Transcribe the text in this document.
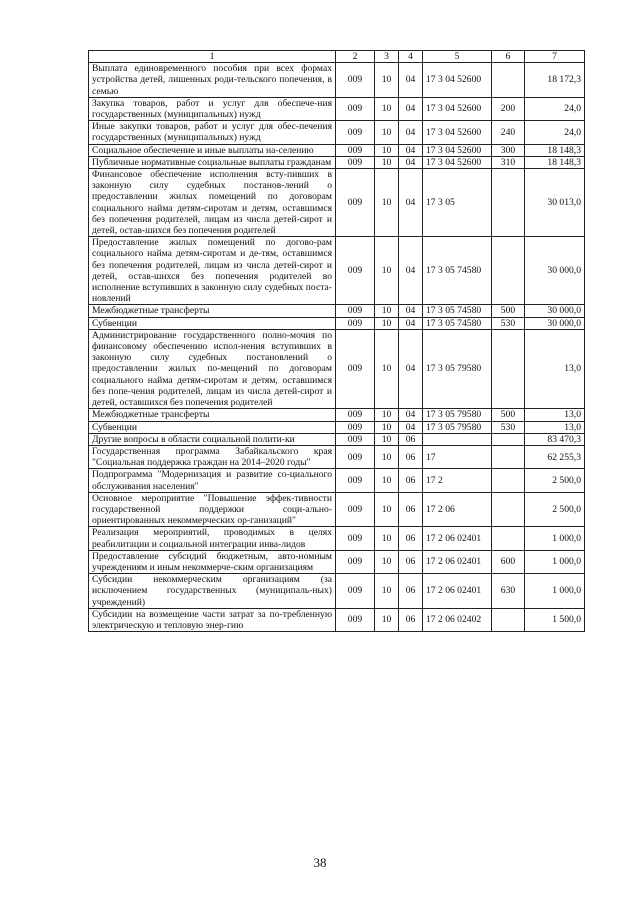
1	2	3	4	5	6	7
Выплата единовременного пособия при всех формах устройства детей, лишенных роди-тельского попечения, в семью	009	10	04	17 3 04 52600		18 172,3
Закупка товаров, работ и услуг для обеспече-ния государственных (муниципальных) нужд	009	10	04	17 3 04 52600	200	24,0
Иные закупки товаров, работ и услуг для обес-печения государственных (муниципальных) нужд	009	10	04	17 3 04 52600	240	24,0
Социальное обеспечение и иные выплаты на-селению	009	10	04	17 3 04 52600	300	18 148,3
Публичные нормативные социальные выплаты гражданам	009	10	04	17 3 04 52600	310	18 148,3
Финансовое обеспечение исполнения всту-пивших в законную силу судебных постанов-лений о предоставлении жилых помещений по договорам социального найма детям-сиротам и детям, оставшимся без попечения родителей, лицам из числа детей-сирот и детей, остав-шихся без попечения родителей	009	10	04	17 3 05		30 013,0
Предоставление жилых помещений по догово-рам социального найма детям-сиротам и де-тям, оставшимся без попечения родителей, лицам из числа детей-сирот и детей, остав-шихся без попечения родителей во исполнение вступивших в законную силу судебных поста-новлений	009	10	04	17 3 05 74580		30 000,0
Межбюджетные трансферты	009	10	04	17 3 05 74580	500	30 000,0
Субвенции	009	10	04	17 3 05 74580	530	30 000,0
Администрирование государственного полно-мочия по финансовому обеспечению испол-нения вступивших в законную силу судебных постановлений о предоставлении жилых по-мещений по договорам социального найма детям-сиротам и детям, оставшимся без попе-чения родителей, лицам из числа детей-сирот и детей, оставшихся без попечения родителей	009	10	04	17 3 05 79580		13,0
Межбюджетные трансферты	009	10	04	17 3 05 79580	500	13,0
Субвенции	009	10	04	17 3 05 79580	530	13,0
Другие вопросы в области социальной полити-ки	009	10	06			83 470,3
Государственная программа Забайкальского края "Социальная поддержка граждан на 2014–2020 годы"	009	10	06	17		62 255,3
Подпрограмма "Модернизация и развитие со-циального обслуживания населения"	009	10	06	17 2		2 500,0
Основное мероприятие "Повышение эффек-тивности государственной поддержки соци-ально-ориентированных некоммерческих ор-ганизаций"	009	10	06	17 2 06		2 500,0
Реализация мероприятий, проводимых в целях реабилитации и социальной интеграции инва-лидов	009	10	06	17 2 06 02401		1 000,0
Предоставление субсидий бюджетным, авто-номным учреждениям и иным некоммерче-ским организациям	009	10	06	17 2 06 02401	600	1 000,0
Субсидии некоммерческим организациям (за исключением государственных (муниципаль-ных) учреждений)	009	10	06	17 2 06 02401	630	1 000,0
Субсидии на возмещение части затрат за по-требленную электрическую и тепловую энер-гию	009	10	06	17 2 06 02402		1 500,0
38
